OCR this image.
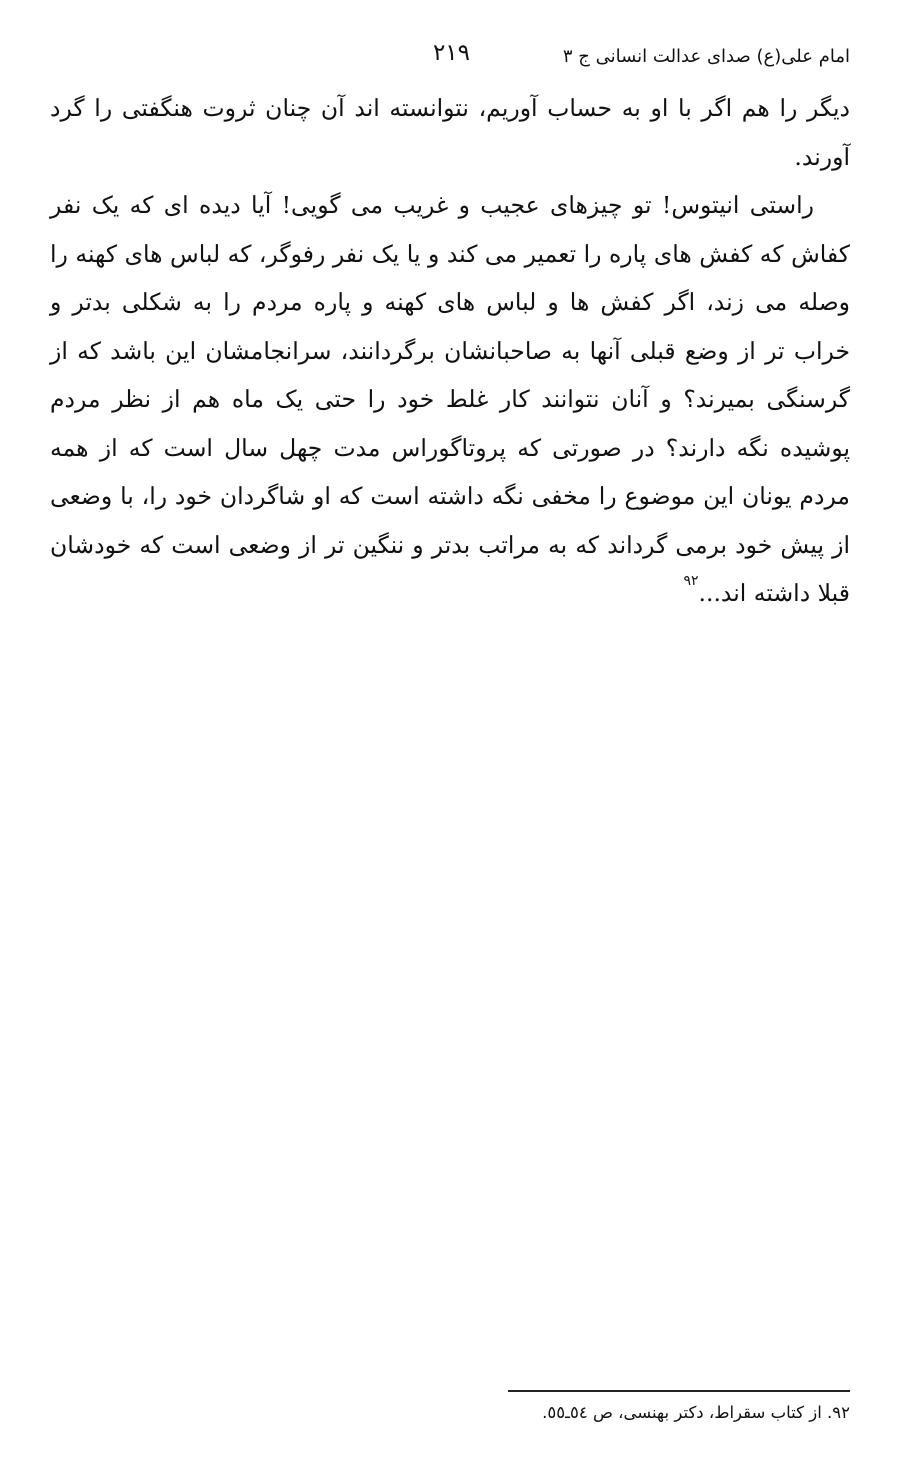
امام علی(ع) صدای عدالت انسانی ج ۳
۲۱۹

دیگر را هم اگر با او به حساب آوریم، نتوانسته اند آن چنان ثروت هنگفتی را گرد آورند.

راستی انیتوس! تو چیزهای عجیب و غریب می گویی! آیا دیده ای که یک نفر کفاش که کفش های پاره را تعمیر می کند و یا یک نفر رفوگر، که لباس های کهنه را وصله می زند، اگر کفش ها و لباس های کهنه و پاره مردم را به شکلی بدتر و خراب تر از وضع قبلی آنها به صاحبانشان برگردانند، سرانجامشان این باشد که از گرسنگی بمیرند؟ و آنان نتوانند کار غلط خود را حتی یک ماه هم از نظر مردم پوشیده نگه دارند؟ در صورتی که پروتاگوراس مدت چهل سال است که از همه مردم یونان این موضوع را مخفی نگه داشته است که او شاگردان خود را، با وضعی از پیش خود برمی گرداند که به مراتب بدتر و ننگین تر از وضعی است که خودشان قبلا داشته اند...$^{۹۲}$

۹۲. از کتاب سقراط، دکتر بهنسی، ص ٥٤ـ٥٥.
